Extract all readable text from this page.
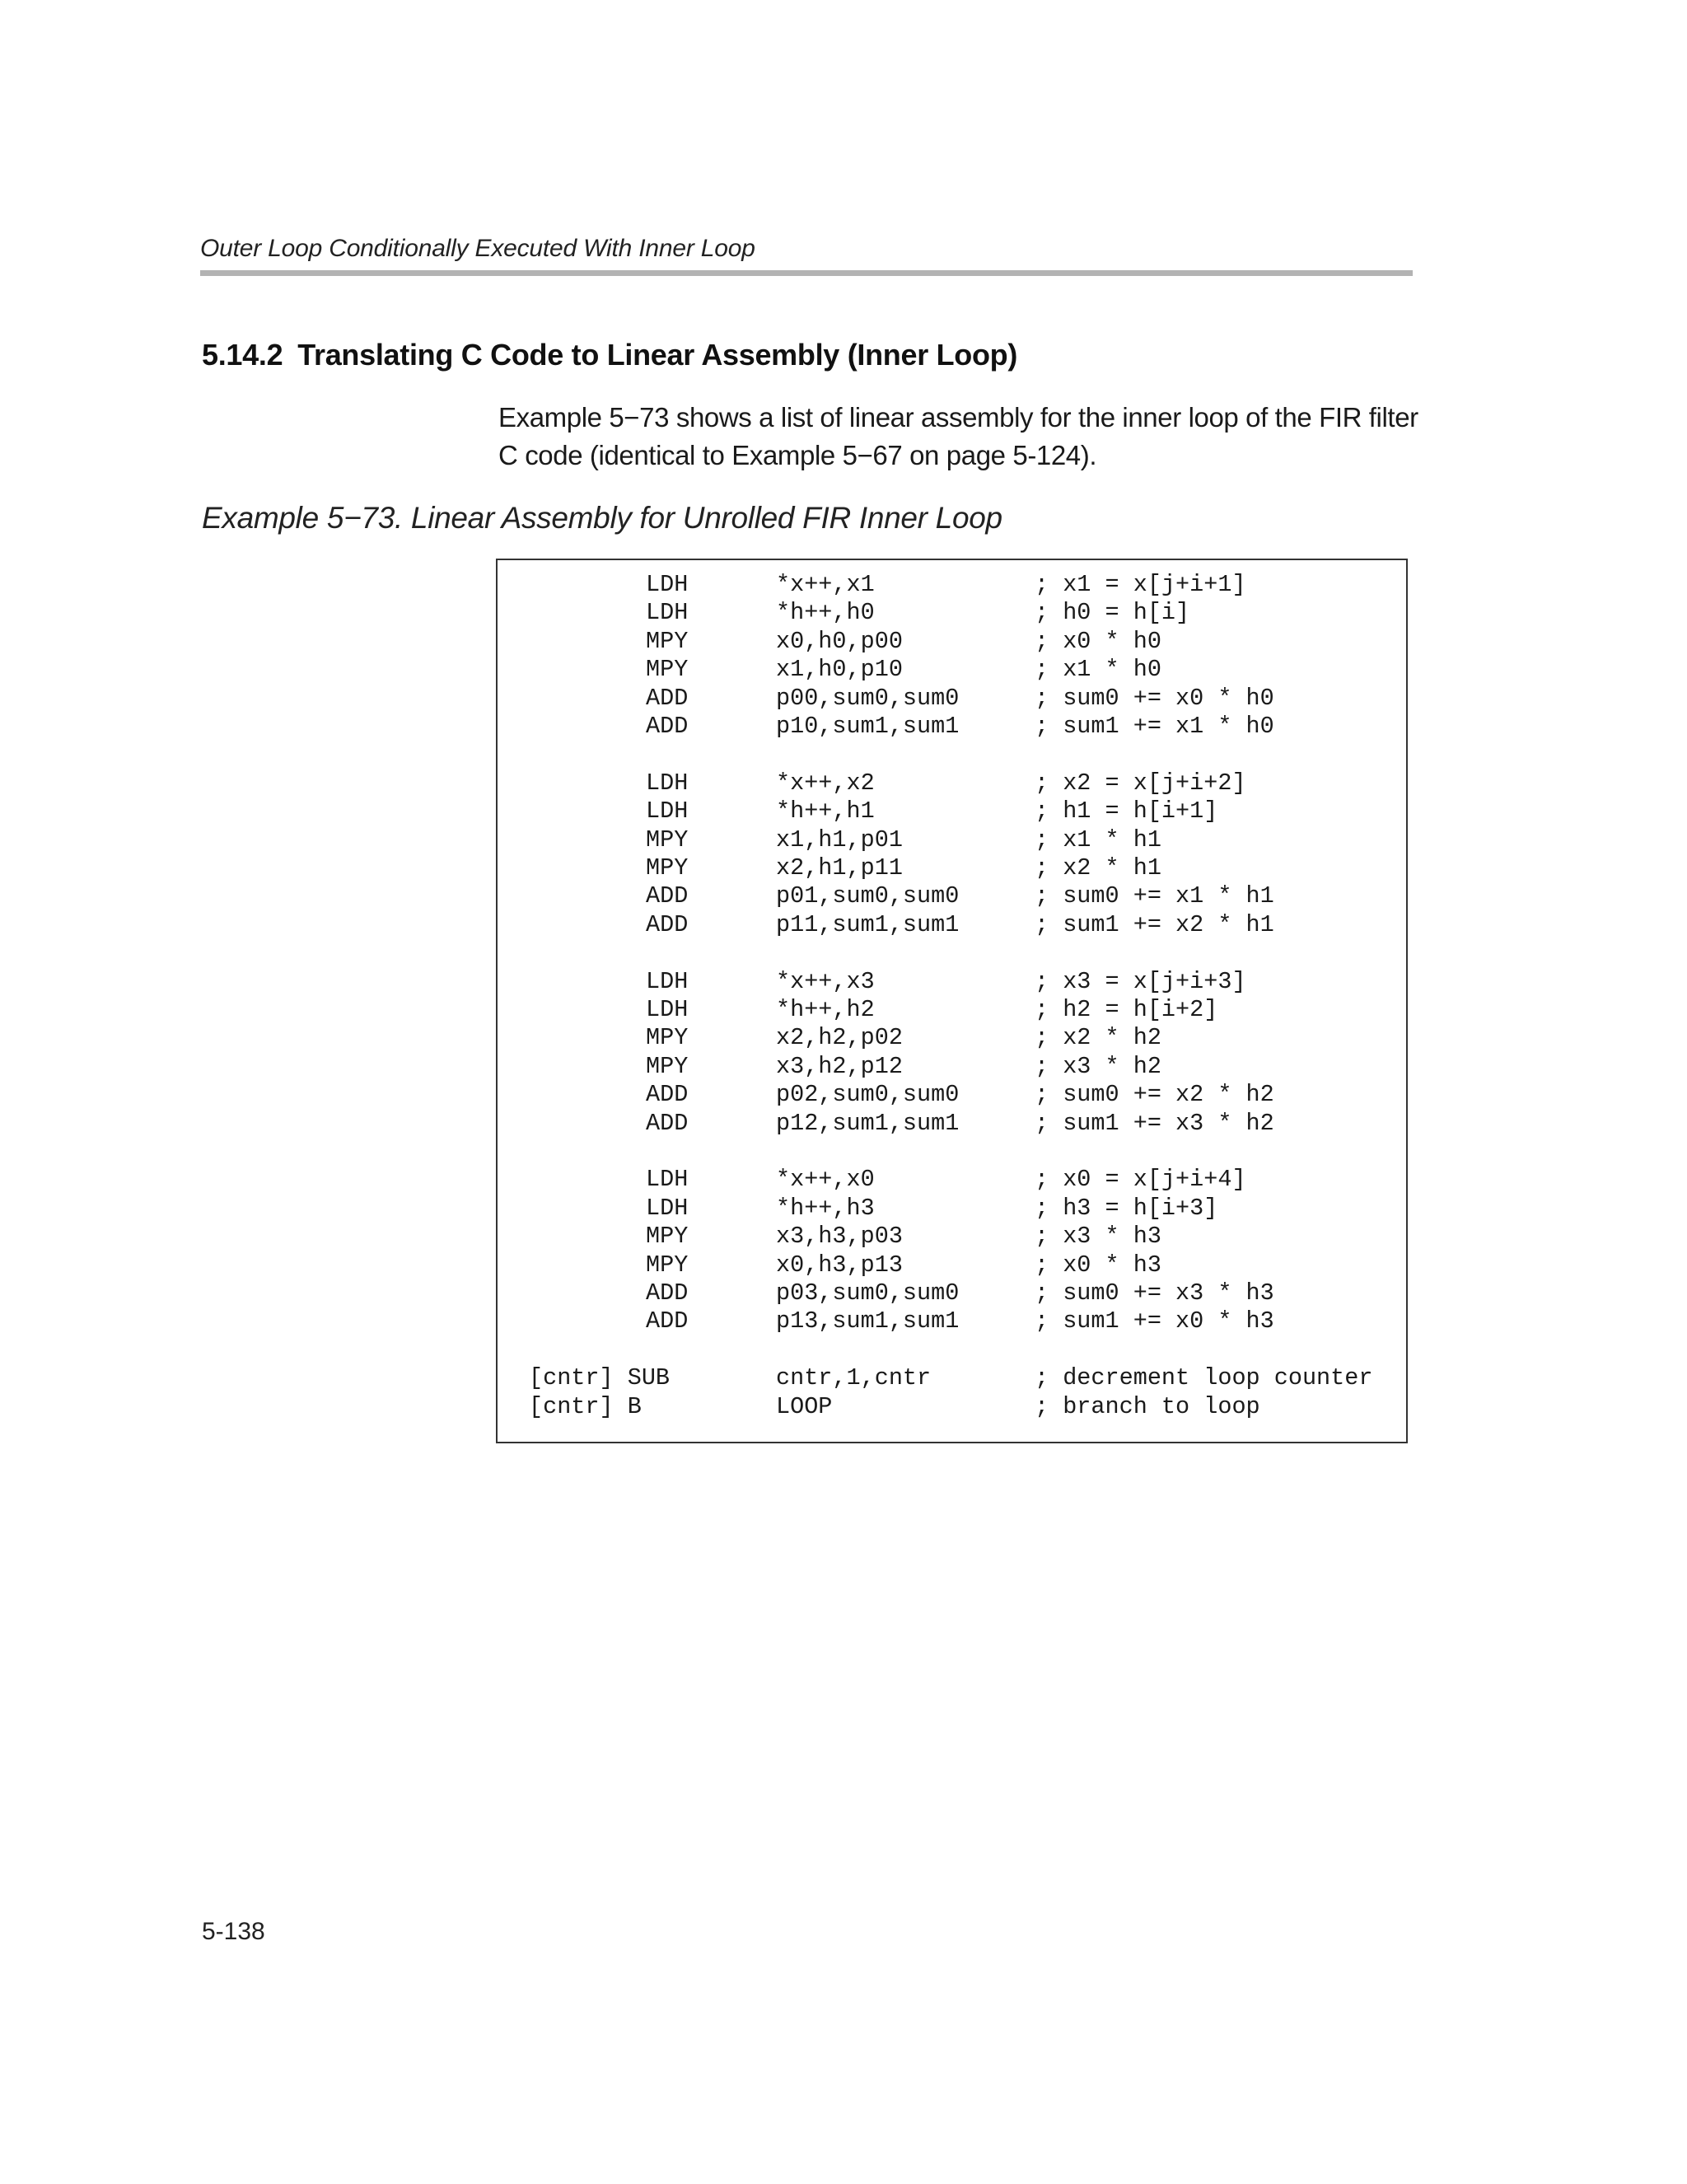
Outer Loop Conditionally Executed With Inner Loop
5.14.2 Translating C Code to Linear Assembly (Inner Loop)
Example 5−73 shows a list of linear assembly for the inner loop of the FIR filter
C code (identical to Example 5−67 on page 5-124).
Example 5−73. Linear Assembly for Unrolled FIR Inner Loop
LDH	*x++,x1	; x1 = x[j+i+1]
LDH	*h++,h0	; h0 = h[i]
MPY	x0,h0,p00	; x0 * h0
MPY	x1,h0,p10	; x1 * h0
ADD	p00,sum0,sum0	; sum0 += x0 * h0
ADD	p10,sum1,sum1	; sum1 += x1 * h0
LDH	*x++,x2	; x2 = x[j+i+2]
LDH	*h++,h1	; h1 = h[i+1]
MPY	x1,h1,p01	; x1 * h1
MPY	x2,h1,p11	; x2 * h1
ADD	p01,sum0,sum0	; sum0 += x1 * h1
ADD	p11,sum1,sum1	; sum1 += x2 * h1
LDH	*x++,x3	; x3 = x[j+i+3]
LDH	*h++,h2	; h2 = h[i+2]
MPY	x2,h2,p02	; x2 * h2
MPY	x3,h2,p12	; x3 * h2
ADD	p02,sum0,sum0	; sum0 += x2 * h2
ADD	p12,sum1,sum1	; sum1 += x3 * h2
LDH	*x++,x0	; x0 = x[j+i+4]
LDH	*h++,h3	; h3 = h[i+3]
MPY	x3,h3,p03	; x3 * h3
MPY	x0,h3,p13	; x0 * h3
ADD	p03,sum0,sum0	; sum0 += x3 * h3
ADD	p13,sum1,sum1	; sum1 += x0 * h3
[cntr] SUB	cntr,1,cntr	; decrement loop counter
[cntr] B	LOOP	; branch to loop
5-138
